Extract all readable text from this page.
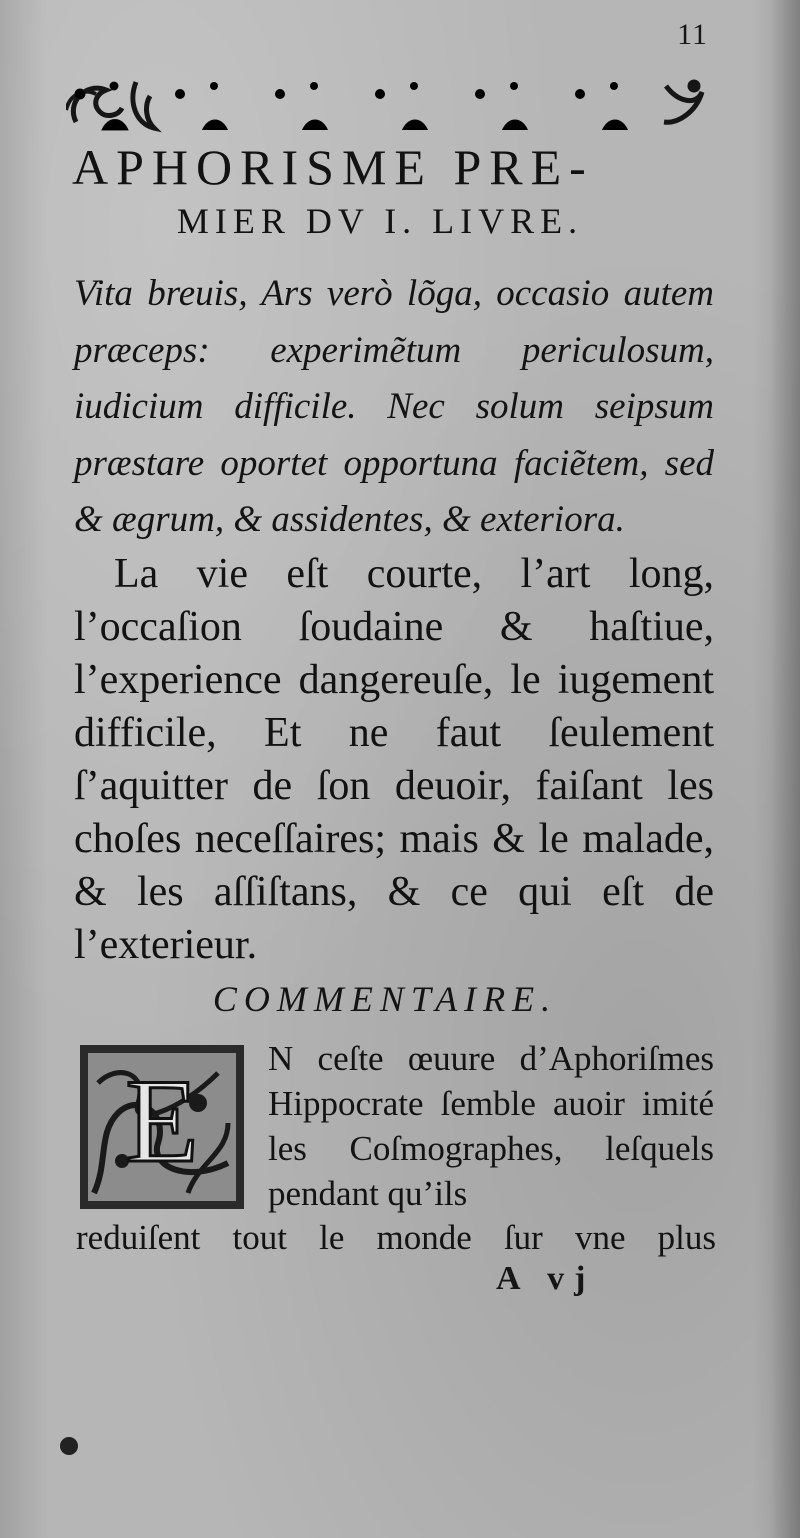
11
APHORISME PRE-
MIER DV I. LIVRE.

Vita breuis, Ars verò lõga, occasio autem præceps: experimẽtum periculosum, iudicium difficile. Nec solum seipsum præstare oportet opportuna faciẽtem, sed & ægrum, & assidentes, & exteriora.

La vie eſt courte, l’art long, l’occaſion ſoudaine & haſtiue, l’experience dangereuſe, le iugement difficile, Et ne faut ſeulement ſ’aquitter de ſon deuoir, faiſant les choſes neceſſaires; mais & le malade, & les aſſiſtans, & ce qui eſt de l’exterieur.

COMMENTAIRE.
E N ceſte œuure d’Aphoriſmes Hippocrate ſemble auoir imité les Coſmographes, leſquels pendant qu’ils
reduiſent tout le monde ſur vne plus
A vj
